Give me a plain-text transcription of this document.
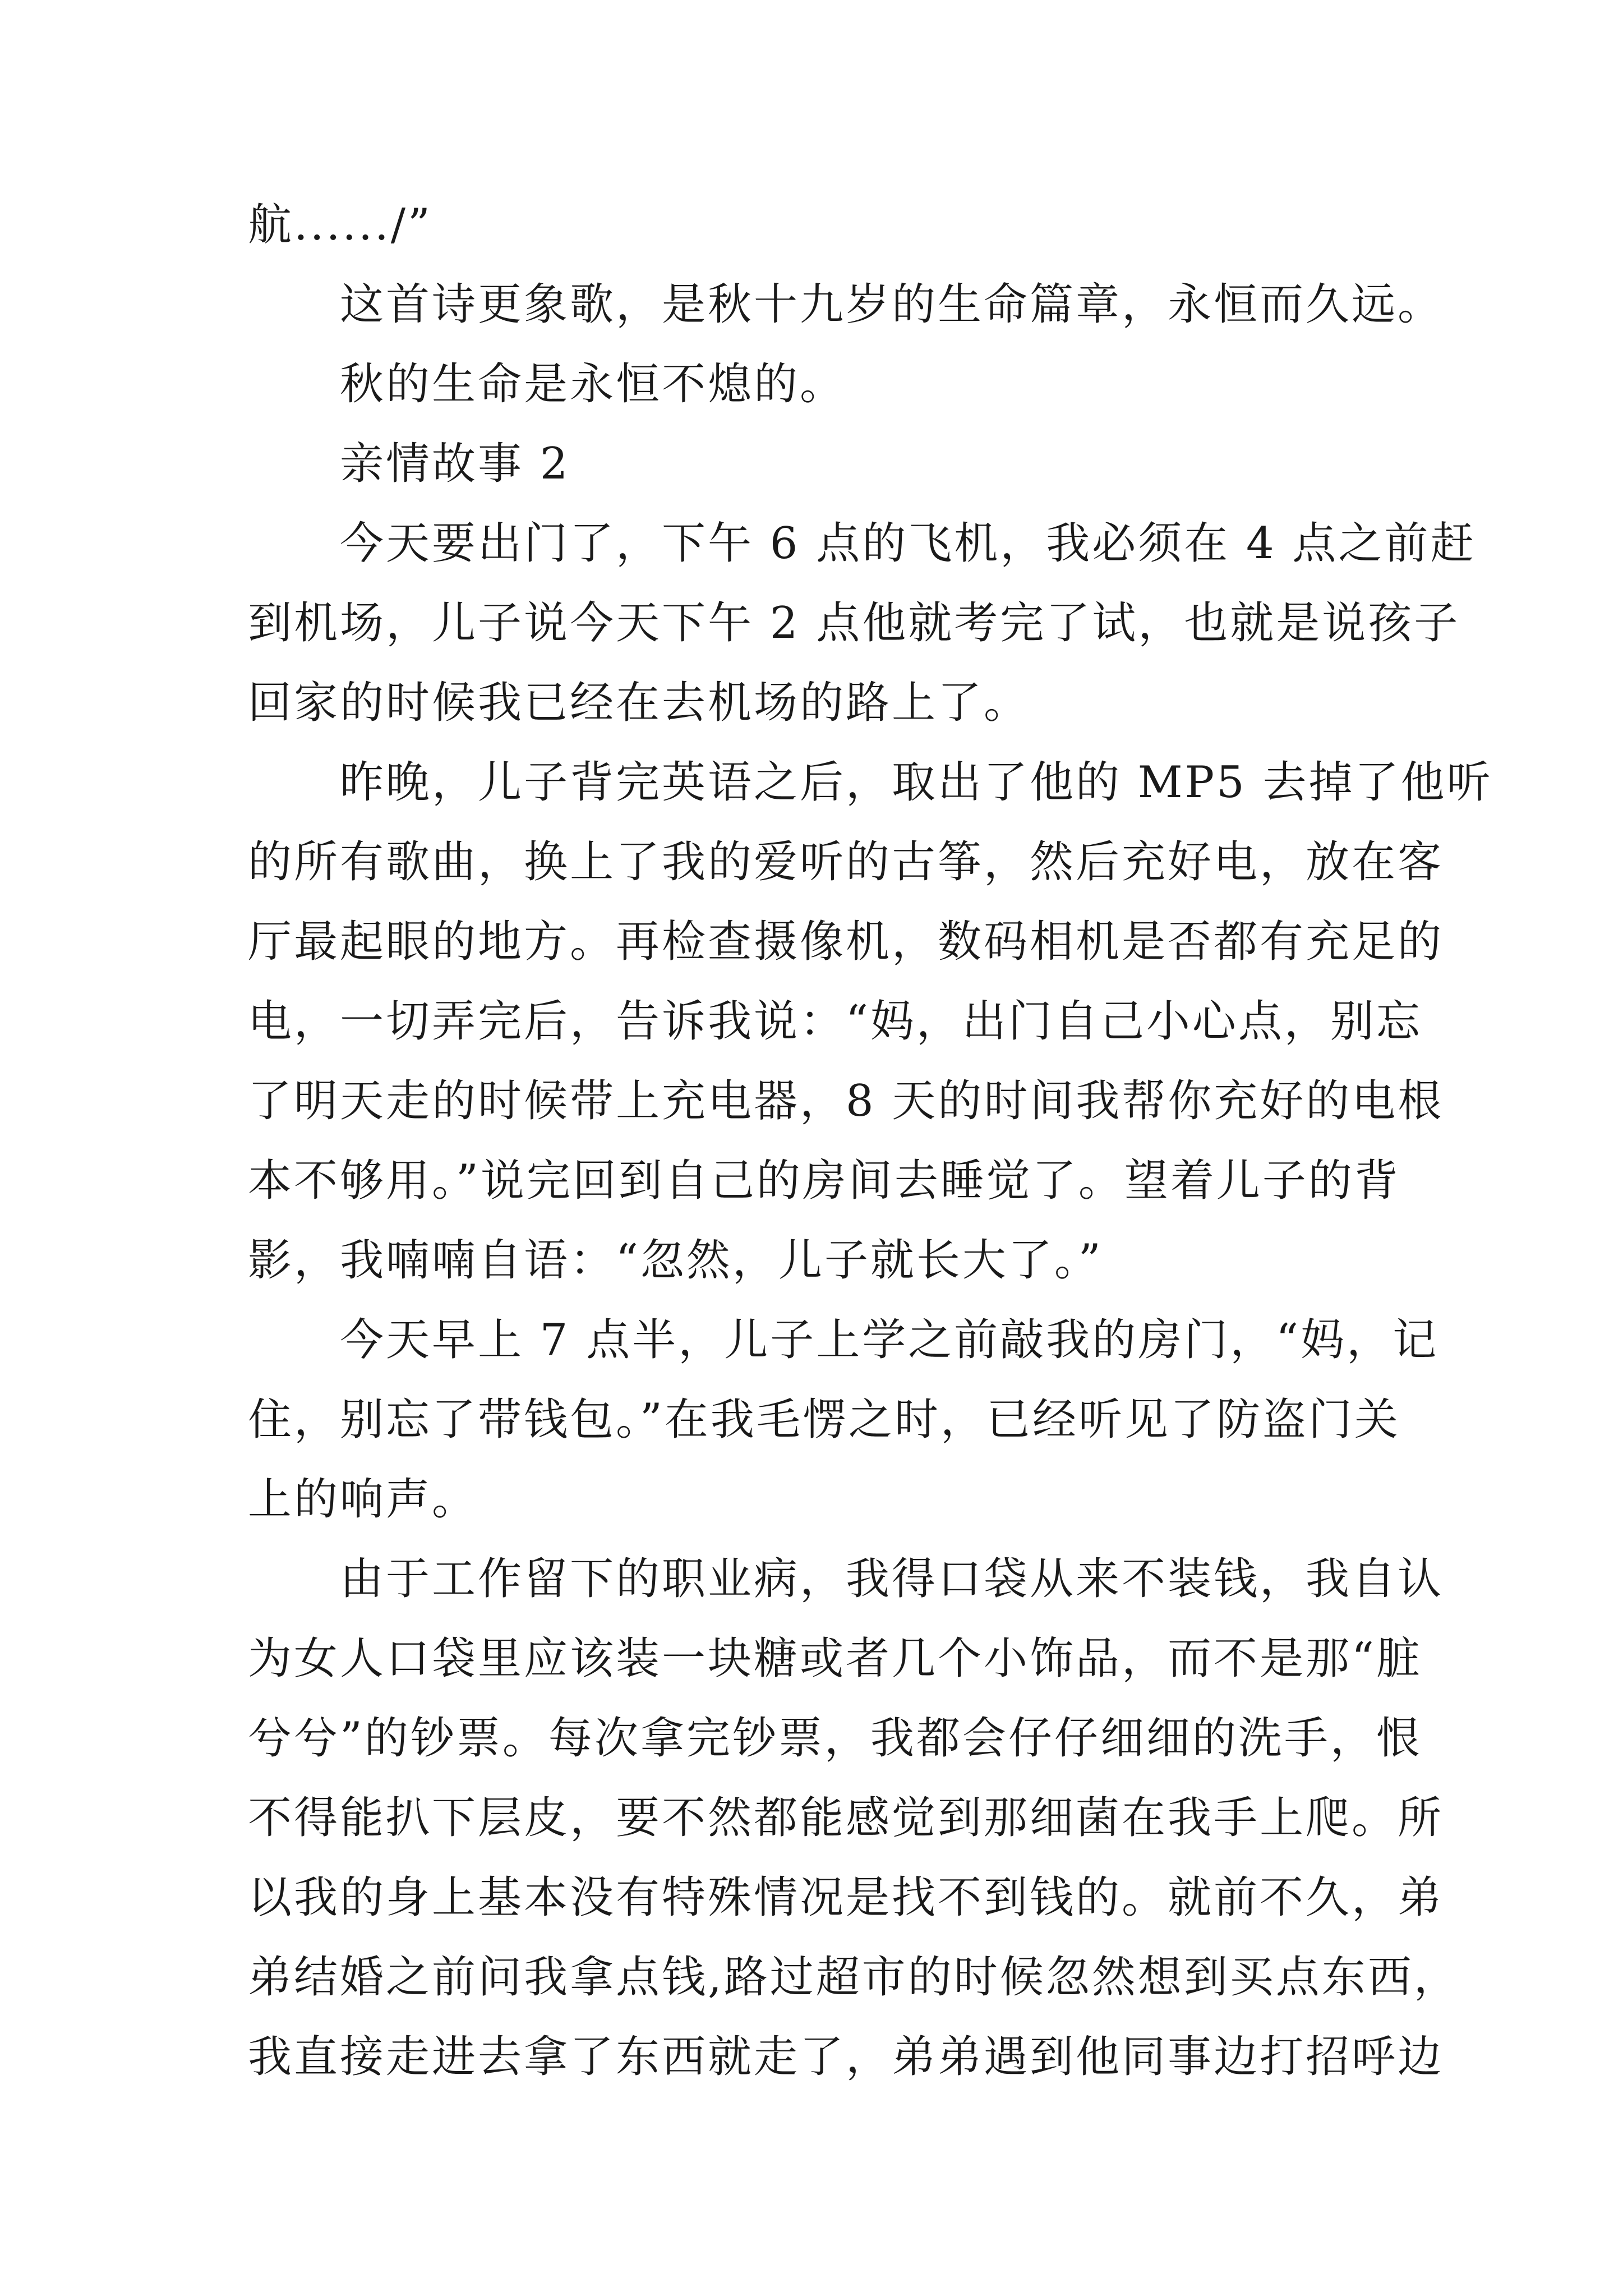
航....../”
这首诗更象歌，是秋十九岁的生命篇章，永恒而久远。
秋的生命是永恒不熄的。
亲情故事 2
今天要出门了，下午 6 点的飞机，我必须在 4 点之前赶
到机场，儿子说今天下午 2 点他就考完了试，也就是说孩子
回家的时候我已经在去机场的路上了。
昨晚，儿子背完英语之后，取出了他的 MP5 去掉了他听
的所有歌曲，换上了我的爱听的古筝，然后充好电，放在客
厅最起眼的地方。再检查摄像机，数码相机是否都有充足的
电，一切弄完后，告诉我说：“妈，出门自己小心点，别忘
了明天走的时候带上充电器，8 天的时间我帮你充好的电根
本不够用。”说完回到自己的房间去睡觉了。望着儿子的背
影，我喃喃自语：“忽然，儿子就长大了。”
今天早上 7 点半，儿子上学之前敲我的房门，“妈，记
住，别忘了带钱包。”在我毛愣之时，已经听见了防盗门关
上的响声。
由于工作留下的职业病，我得口袋从来不装钱，我自认
为女人口袋里应该装一块糖或者几个小饰品，而不是那“脏
兮兮”的钞票。每次拿完钞票，我都会仔仔细细的洗手，恨
不得能扒下层皮，要不然都能感觉到那细菌在我手上爬。所
以我的身上基本没有特殊情况是找不到钱的。就前不久，弟
弟结婚之前问我拿点钱,路过超市的时候忽然想到买点东西，
我直接走进去拿了东西就走了，弟弟遇到他同事边打招呼边
